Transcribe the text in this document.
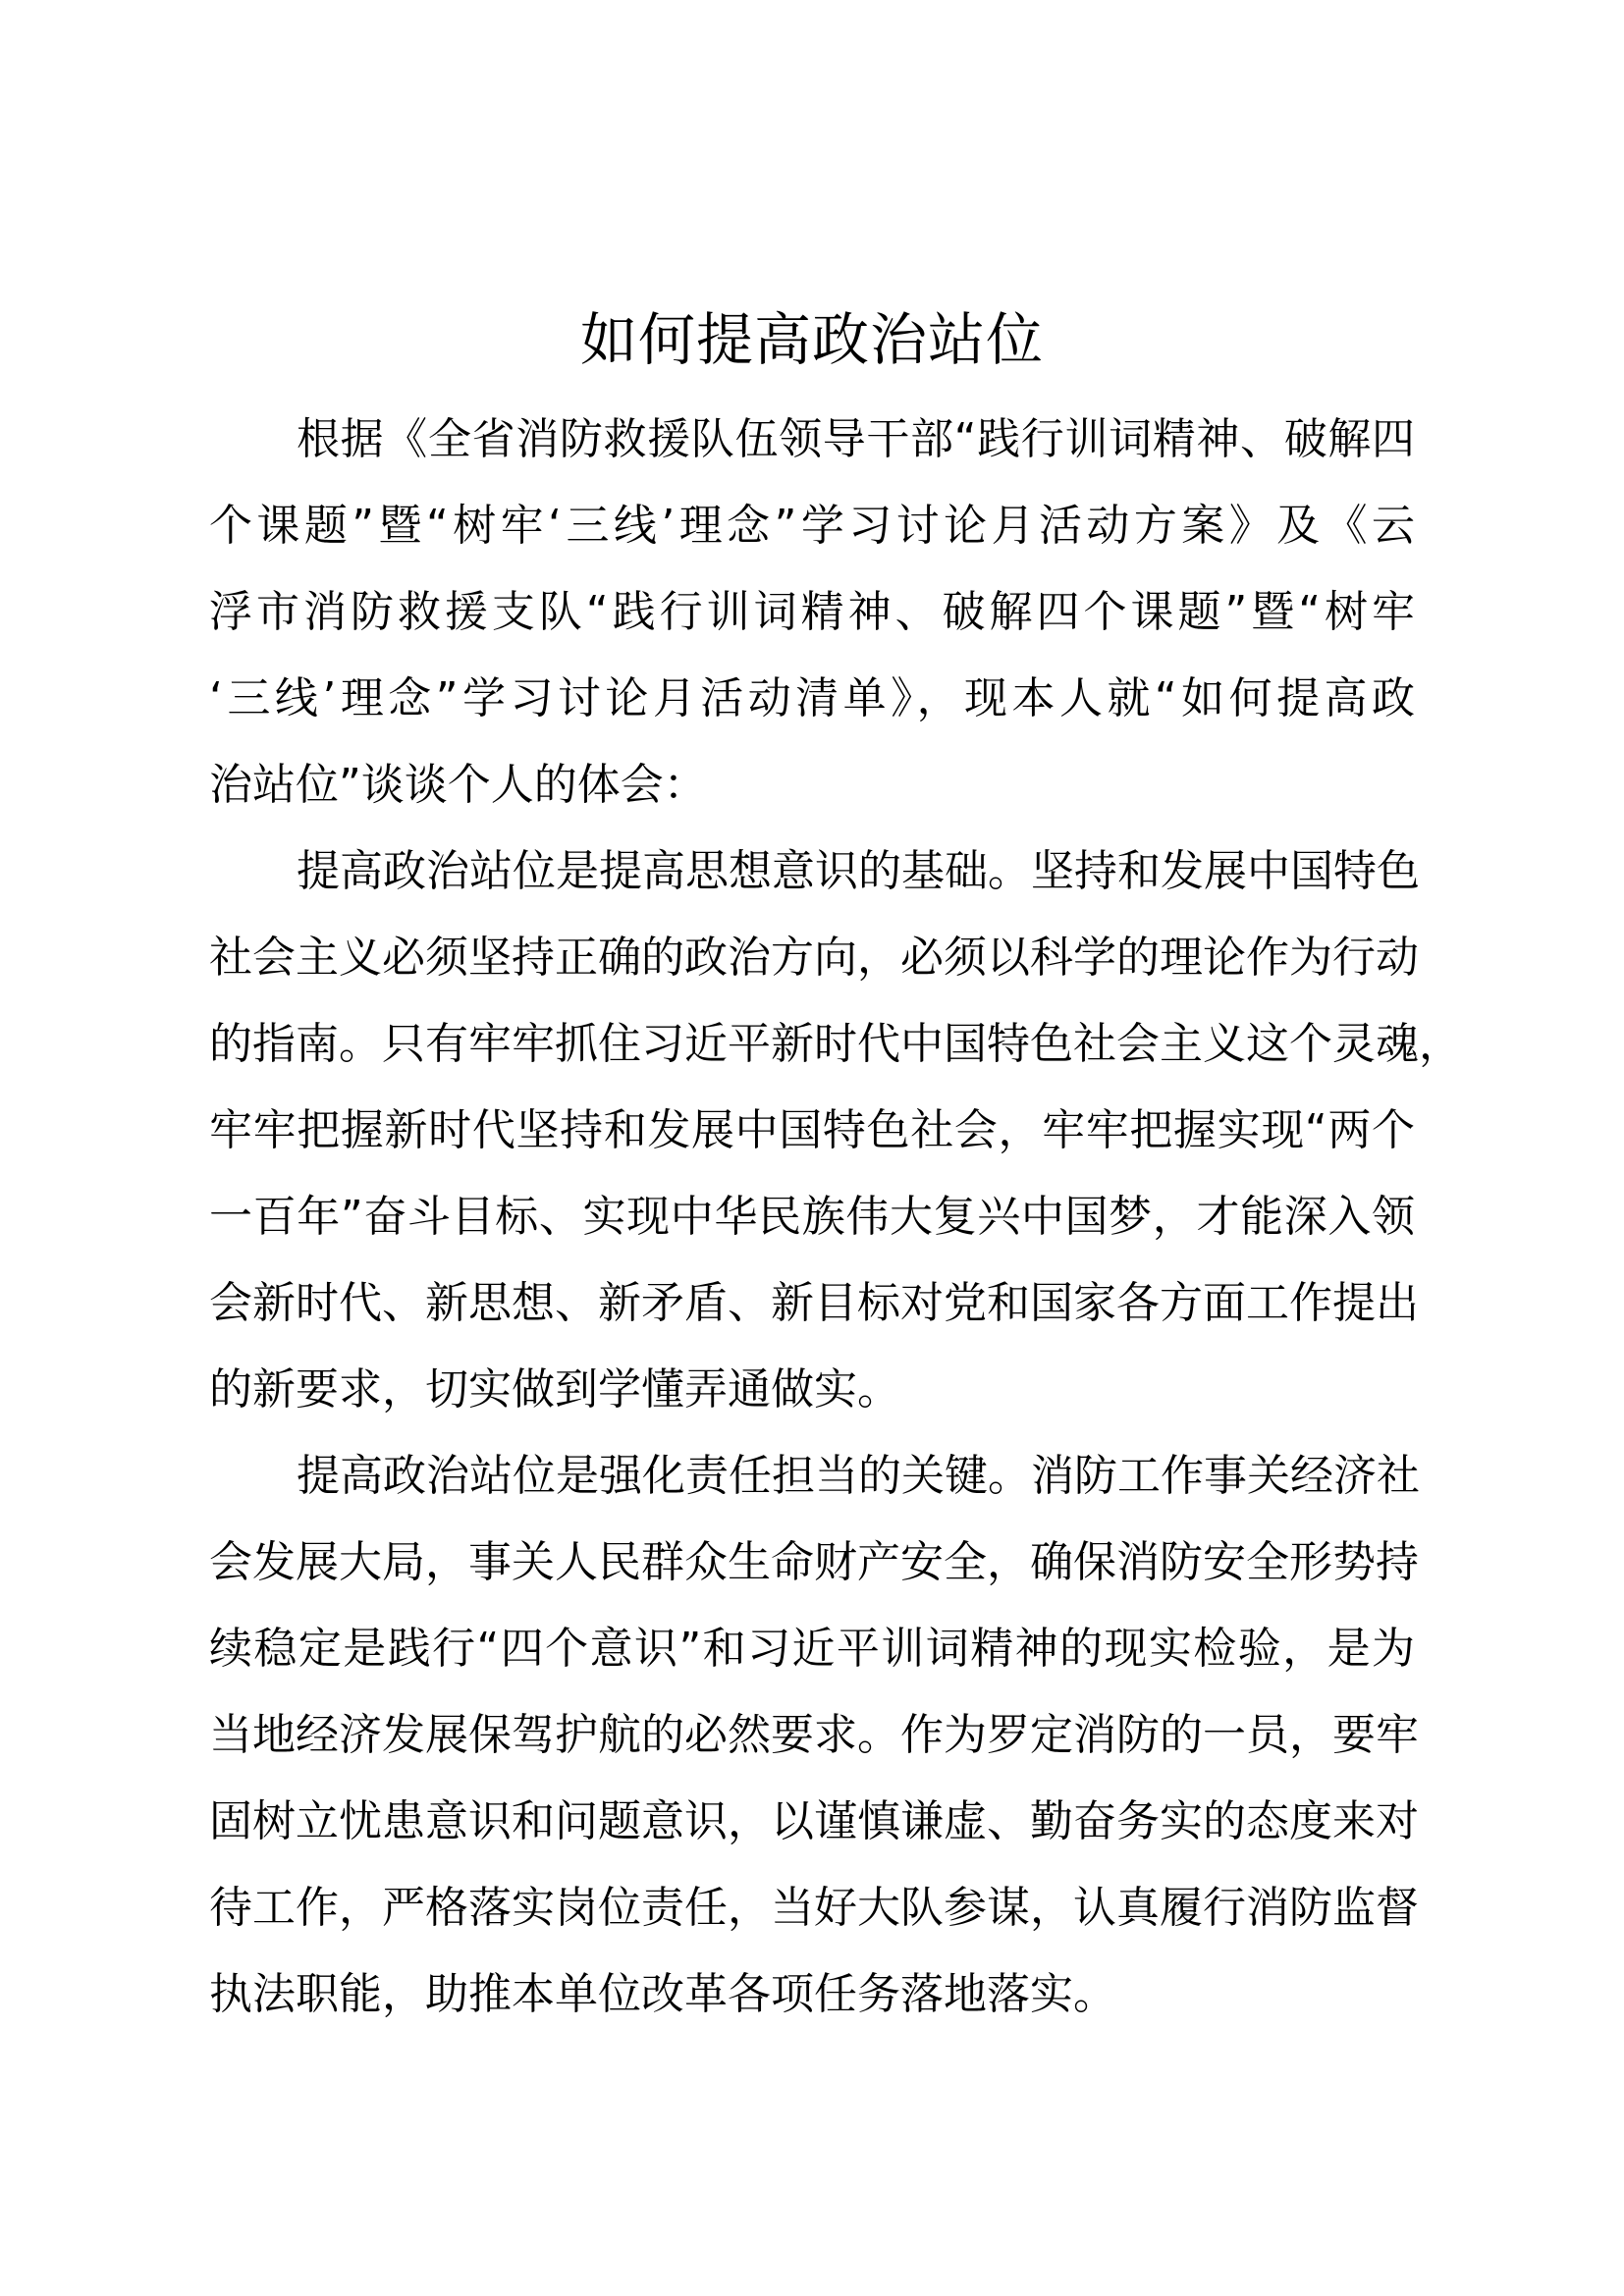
如何提高政治站位
根据《全省消防救援队伍领导干部“践行训词精神、破解四
个课题”暨“树牢‘三线’理念”学习讨论月活动方案》及《云
浮市消防救援支队“践行训词精神、破解四个课题”暨“树牢
‘三线’理念”学习讨论月活动清单》，现本人就“如何提高政
治站位”谈谈个人的体会：
提高政治站位是提高思想意识的基础。坚持和发展中国特色
社会主义必须坚持正确的政治方向，必须以科学的理论作为行动
的指南。只有牢牢抓住习近平新时代中国特色社会主义这个灵魂，
牢牢把握新时代坚持和发展中国特色社会，牢牢把握实现“两个
一百年”奋斗目标、实现中华民族伟大复兴中国梦，才能深入领
会新时代、新思想、新矛盾、新目标对党和国家各方面工作提出
的新要求，切实做到学懂弄通做实。
提高政治站位是强化责任担当的关键。消防工作事关经济社
会发展大局，事关人民群众生命财产安全，确保消防安全形势持
续稳定是践行“四个意识”和习近平训词精神的现实检验，是为
当地经济发展保驾护航的必然要求。作为罗定消防的一员，要牢
固树立忧患意识和问题意识，以谨慎谦虚、勤奋务实的态度来对
待工作，严格落实岗位责任，当好大队参谋，认真履行消防监督
执法职能，助推本单位改革各项任务落地落实。
